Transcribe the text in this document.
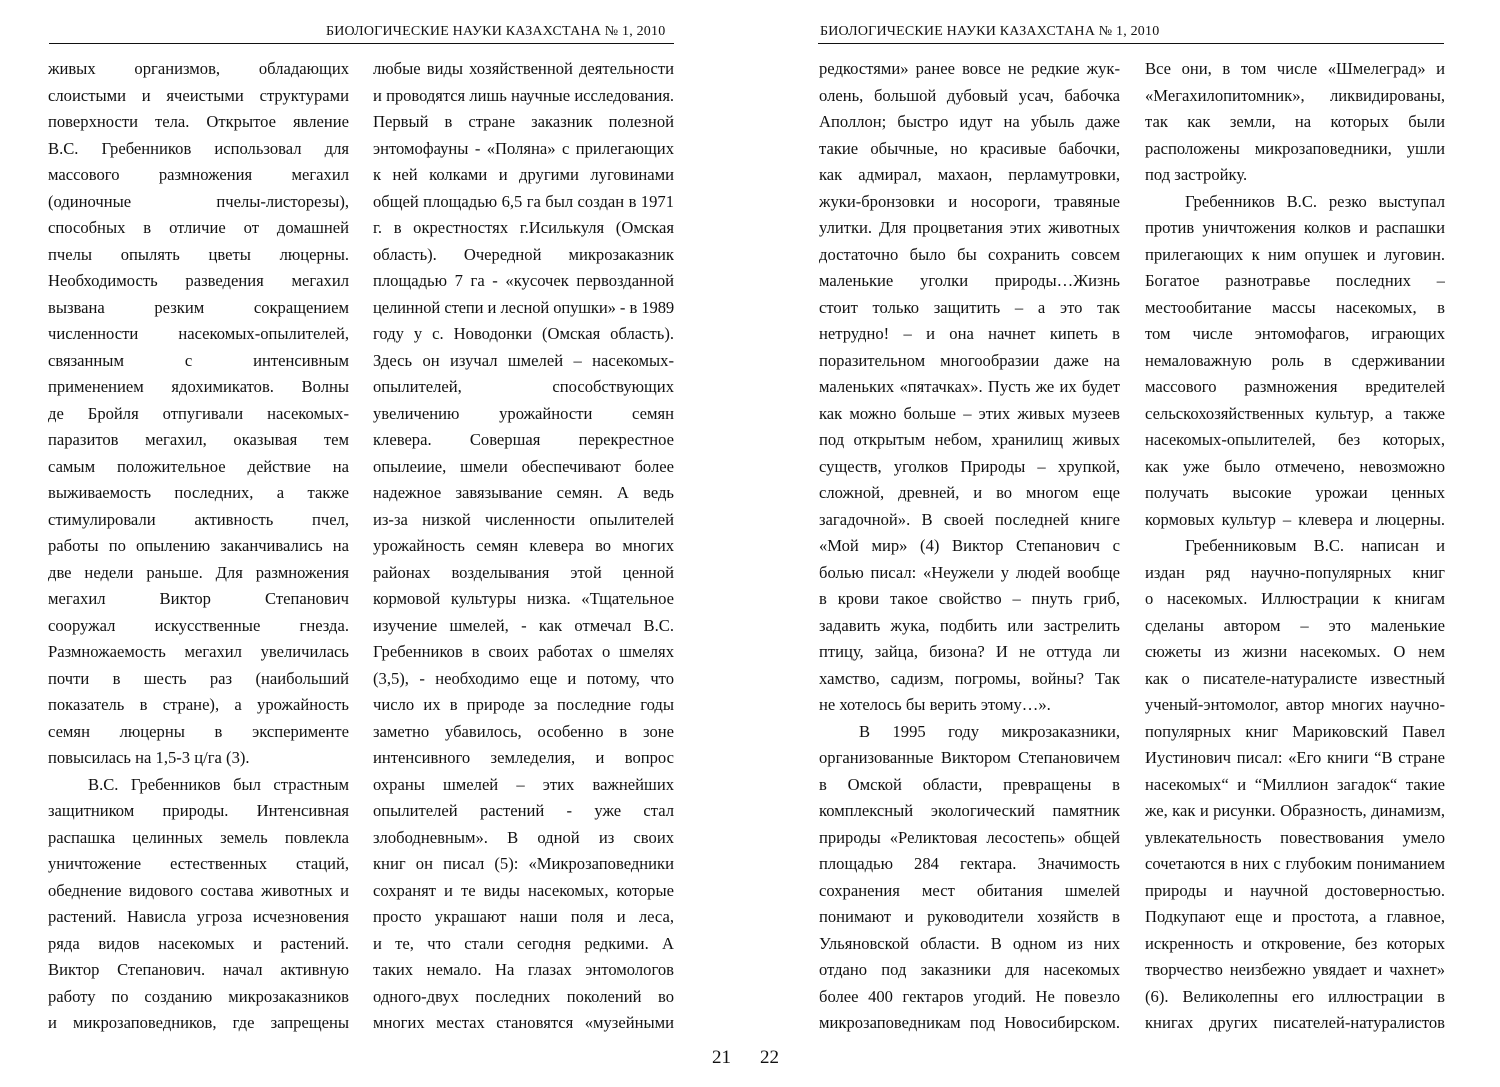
БИОЛОГИЧЕСКИЕ НАУКИ КАЗАХСТАНА № 1, 2010	БИОЛОГИЧЕСКИЕ НАУКИ КАЗАХСТАНА № 1, 2010
живых организмов, обладающих
слоистыми и ячеистыми структурами
поверхности тела. Открытое явление
В.С. Гребенников использовал для
массового размножения мегахил
(одиночные пчелы-листорезы),
способных в отличие от домашней
пчелы опылять цветы люцерны.
Необходимость разведения мегахил
вызвана резким сокращением
численности насекомых-опылителей,
связанным с интенсивным
применением ядохимикатов. Волны
де Бройля отпугивали насекомых-
паразитов мегахил, оказывая тем
самым положительное действие на
выживаемость последних, а также
стимулировали активность пчел,
работы по опылению заканчивались на
две недели раньше. Для размножения
мегахил Виктор Степанович
сооружал искусственные гнезда.
Размножаемость мегахил увеличилась
почти в шесть раз (наибольший
показатель в стране), а урожайность
семян люцерны в эксперименте
повысилась на 1,5-3 ц/га (3).
В.С. Гребенников был страстным
защитником природы. Интенсивная
распашка целинных земель повлекла
уничтожение естественных стаций,
обеднение видового состава животных и
растений. Нависла угроза исчезновения
ряда видов насекомых и растений.
Виктор Степанович. начал активную
работу по созданию микрозаказников
и микрозаповедников, где запрещены
любые виды хозяйственной деятельности
и проводятся лишь научные исследования.
Первый в стране заказник полезной
энтомофауны - «Поляна» с прилегающих
к ней колками и другими луговинами
общей площадью 6,5 га был создан в 1971
г. в окрестностях г.Исилькуля (Омская
область). Очередной микрозаказник
площадью 7 га - «кусочек первозданной
целинной степи и лесной опушки» - в 1989
году у с. Новодонки (Омская область).
Здесь он изучал шмелей – насекомых-
опылителей, способствующих
увеличению урожайности семян
клевера. Совершая перекрестное
опылеиие, шмели обеспечивают более
надежное завязывание семян. А ведь
из-за низкой численности опылителей
урожайность семян клевера во многих
районах возделывания этой ценной
кормовой культуры низка. «Тщательное
изучение шмелей, - как отмечал В.С.
Гребенников в своих работах о шмелях
(3,5), - необходимо еще и потому, что
число их в природе за последние годы
заметно убавилось, особенно в зоне
интенсивного земледелия, и вопрос
охраны шмелей – этих важнейших
опылителей растений - уже стал
злободневным». В одной из своих
книг он писал (5): «Микрозаповедники
сохранят и те виды насекомых, которые
просто украшают наши поля и леса,
и те, что стали сегодня редкими. А
таких немало. На глазах энтомологов
одного-двух последних поколений во
многих местах становятся «музейными
редкостями» ранее вовсе не редкие жук-
олень, большой дубовый усач, бабочка
Аполлон; быстро идут на убыль даже
такие обычные, но красивые бабочки,
как адмирал, махаон, перламутровки,
жуки-бронзовки и носороги, травяные
улитки. Для процветания этих животных
достаточно было бы сохранить совсем
маленькие уголки природы…Жизнь
стоит только защитить – а это так
нетрудно! – и она начнет кипеть в
поразительном многообразии даже на
маленьких «пятачках». Пусть же их будет
как можно больше – этих живых музеев
под открытым небом, хранилищ живых
существ, уголков Природы – хрупкой,
сложной, древней, и во многом еще
загадочной». В своей последней книге
«Мой мир» (4) Виктор Степанович с
болью писал: «Неужели у людей вообще
в крови такое свойство – пнуть гриб,
задавить жука, подбить или застрелить
птицу, зайца, бизона? И не оттуда ли
хамство, садизм, погромы, войны? Так
не хотелось бы верить этому…».
В 1995 году микрозаказники,
организованные Виктором Степановичем
в Омской области, превращены в
комплексный экологический памятник
природы «Реликтовая лесостепь» общей
площадью 284 гектара. Значимость
сохранения мест обитания шмелей
понимают и руководители хозяйств в
Ульяновской области. В одном из них
отдано под заказники для насекомых
более 400 гектаров угодий. Не повезло
микрозаповедникам под Новосибирском.
Все они, в том числе «Шмелеград» и
«Мегахилопитомник», ликвидированы,
так как земли, на которых были
расположены микрозаповедники, ушли
под застройку.
Гребенников В.С. резко выступал
против уничтожения колков и распашки
прилегающих к ним опушек и луговин.
Богатое разнотравье последних –
местообитание массы насекомых, в
том числе энтомофагов, играющих
немаловажную роль в сдерживании
массового размножения вредителей
сельскохозяйственных культур, а также
насекомых-опылителей, без которых,
как уже было отмечено, невозможно
получать высокие урожаи ценных
кормовых культур – клевера и люцерны.
Гребенниковым В.С. написан и
издан ряд научно-популярных книг
о насекомых. Иллюстрации к книгам
сделаны автором – это маленькие
сюжеты из жизни насекомых. О нем
как о писателе-натуралисте известный
ученый-энтомолог, автор многих научно-
популярных книг Мариковский Павел
Иустинович писал: «Его книги “В стране
насекомых“ и “Миллион загадок“ такие
же, как и рисунки. Образность, динамизм,
увлекательность повествования умело
сочетаются в них с глубоким пониманием
природы и научной достоверностью.
Подкупают еще и простота, а главное,
искренность и откровение, без которых
творчество неизбежно увядает и чахнет»
(6). Великолепны его иллюстрации в
книгах других писателей-натуралистов
21 22
